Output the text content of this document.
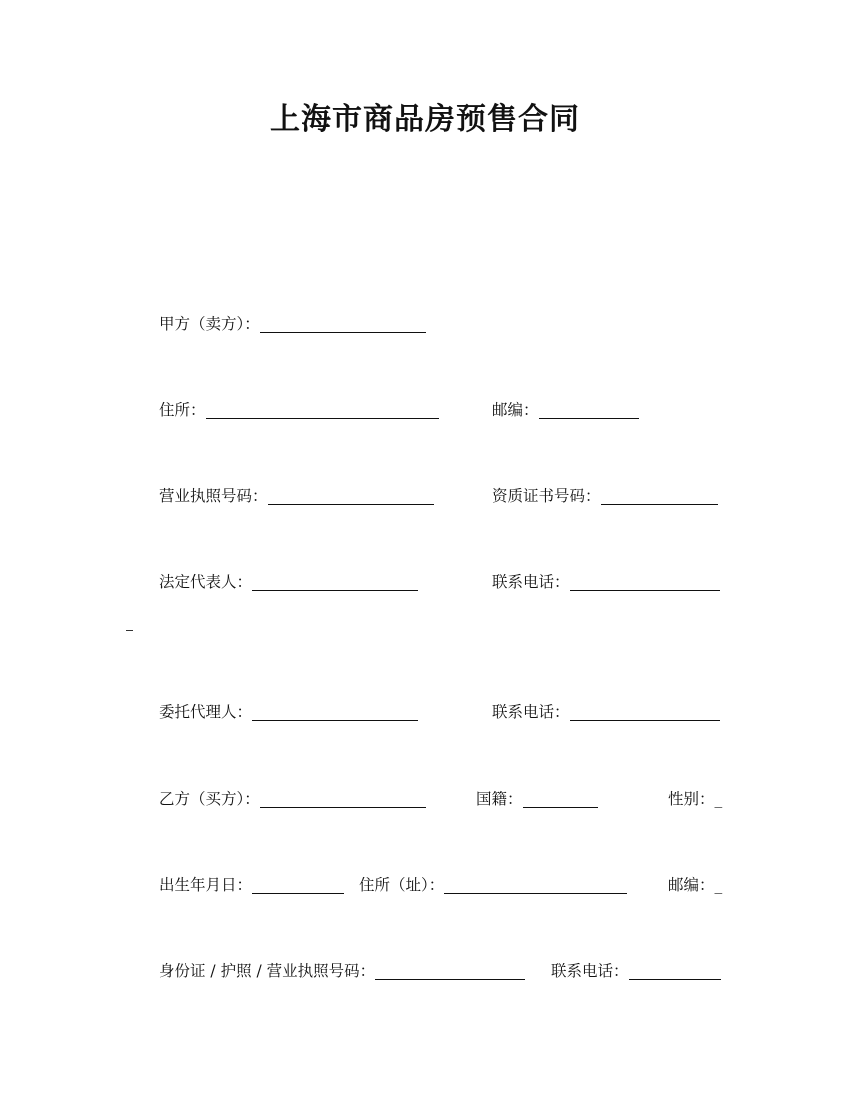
上海市商品房预售合同
甲方（卖方）：
住所：	邮编：
营业执照号码：	资质证书号码：
法定代表人：	联系电话：
委托代理人：	联系电话：
乙方（买方）：	国籍：	性别：_
出生年月日：	住所（址）：	邮编：_
身份证 / 护照 / 营业执照号码：	联系电话：
